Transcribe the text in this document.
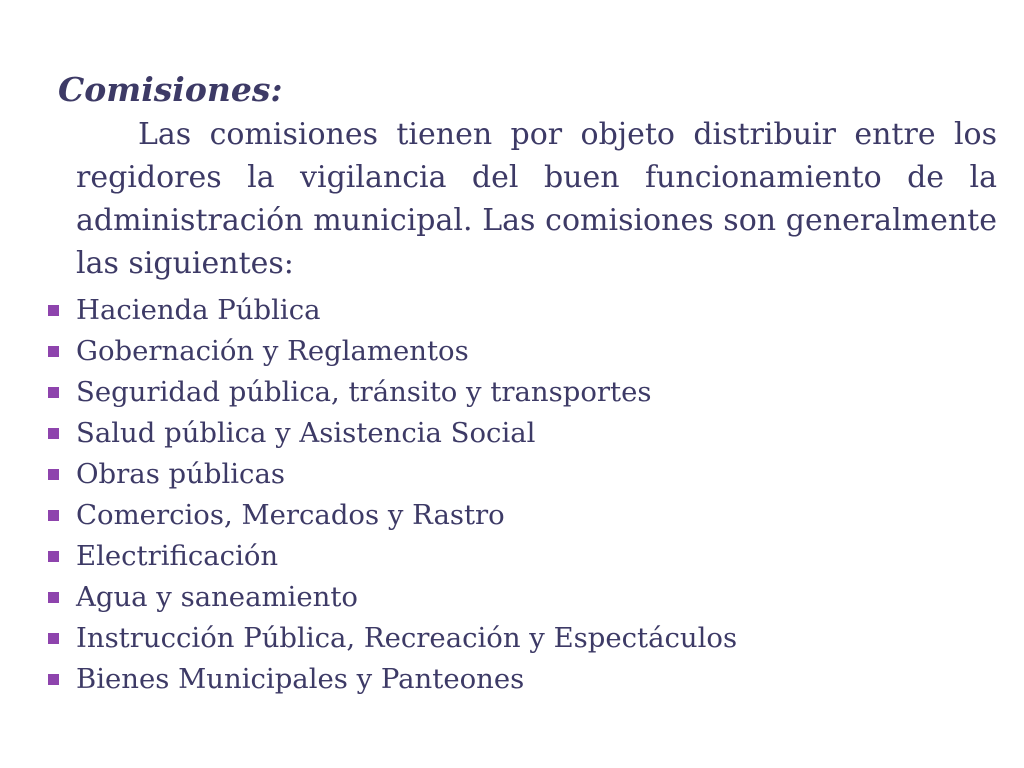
Comisiones:

Las comisiones tienen por objeto distribuir entre los regidores la vigilancia del buen funcionamiento de la administración municipal. Las comisiones son generalmente las siguientes:

Hacienda Pública
Gobernación y Reglamentos
Seguridad pública, tránsito y transportes
Salud pública y Asistencia Social
Obras públicas
Comercios, Mercados y Rastro
Electrificación
Agua y saneamiento
Instrucción Pública, Recreación y Espectáculos
Bienes Municipales y Panteones
